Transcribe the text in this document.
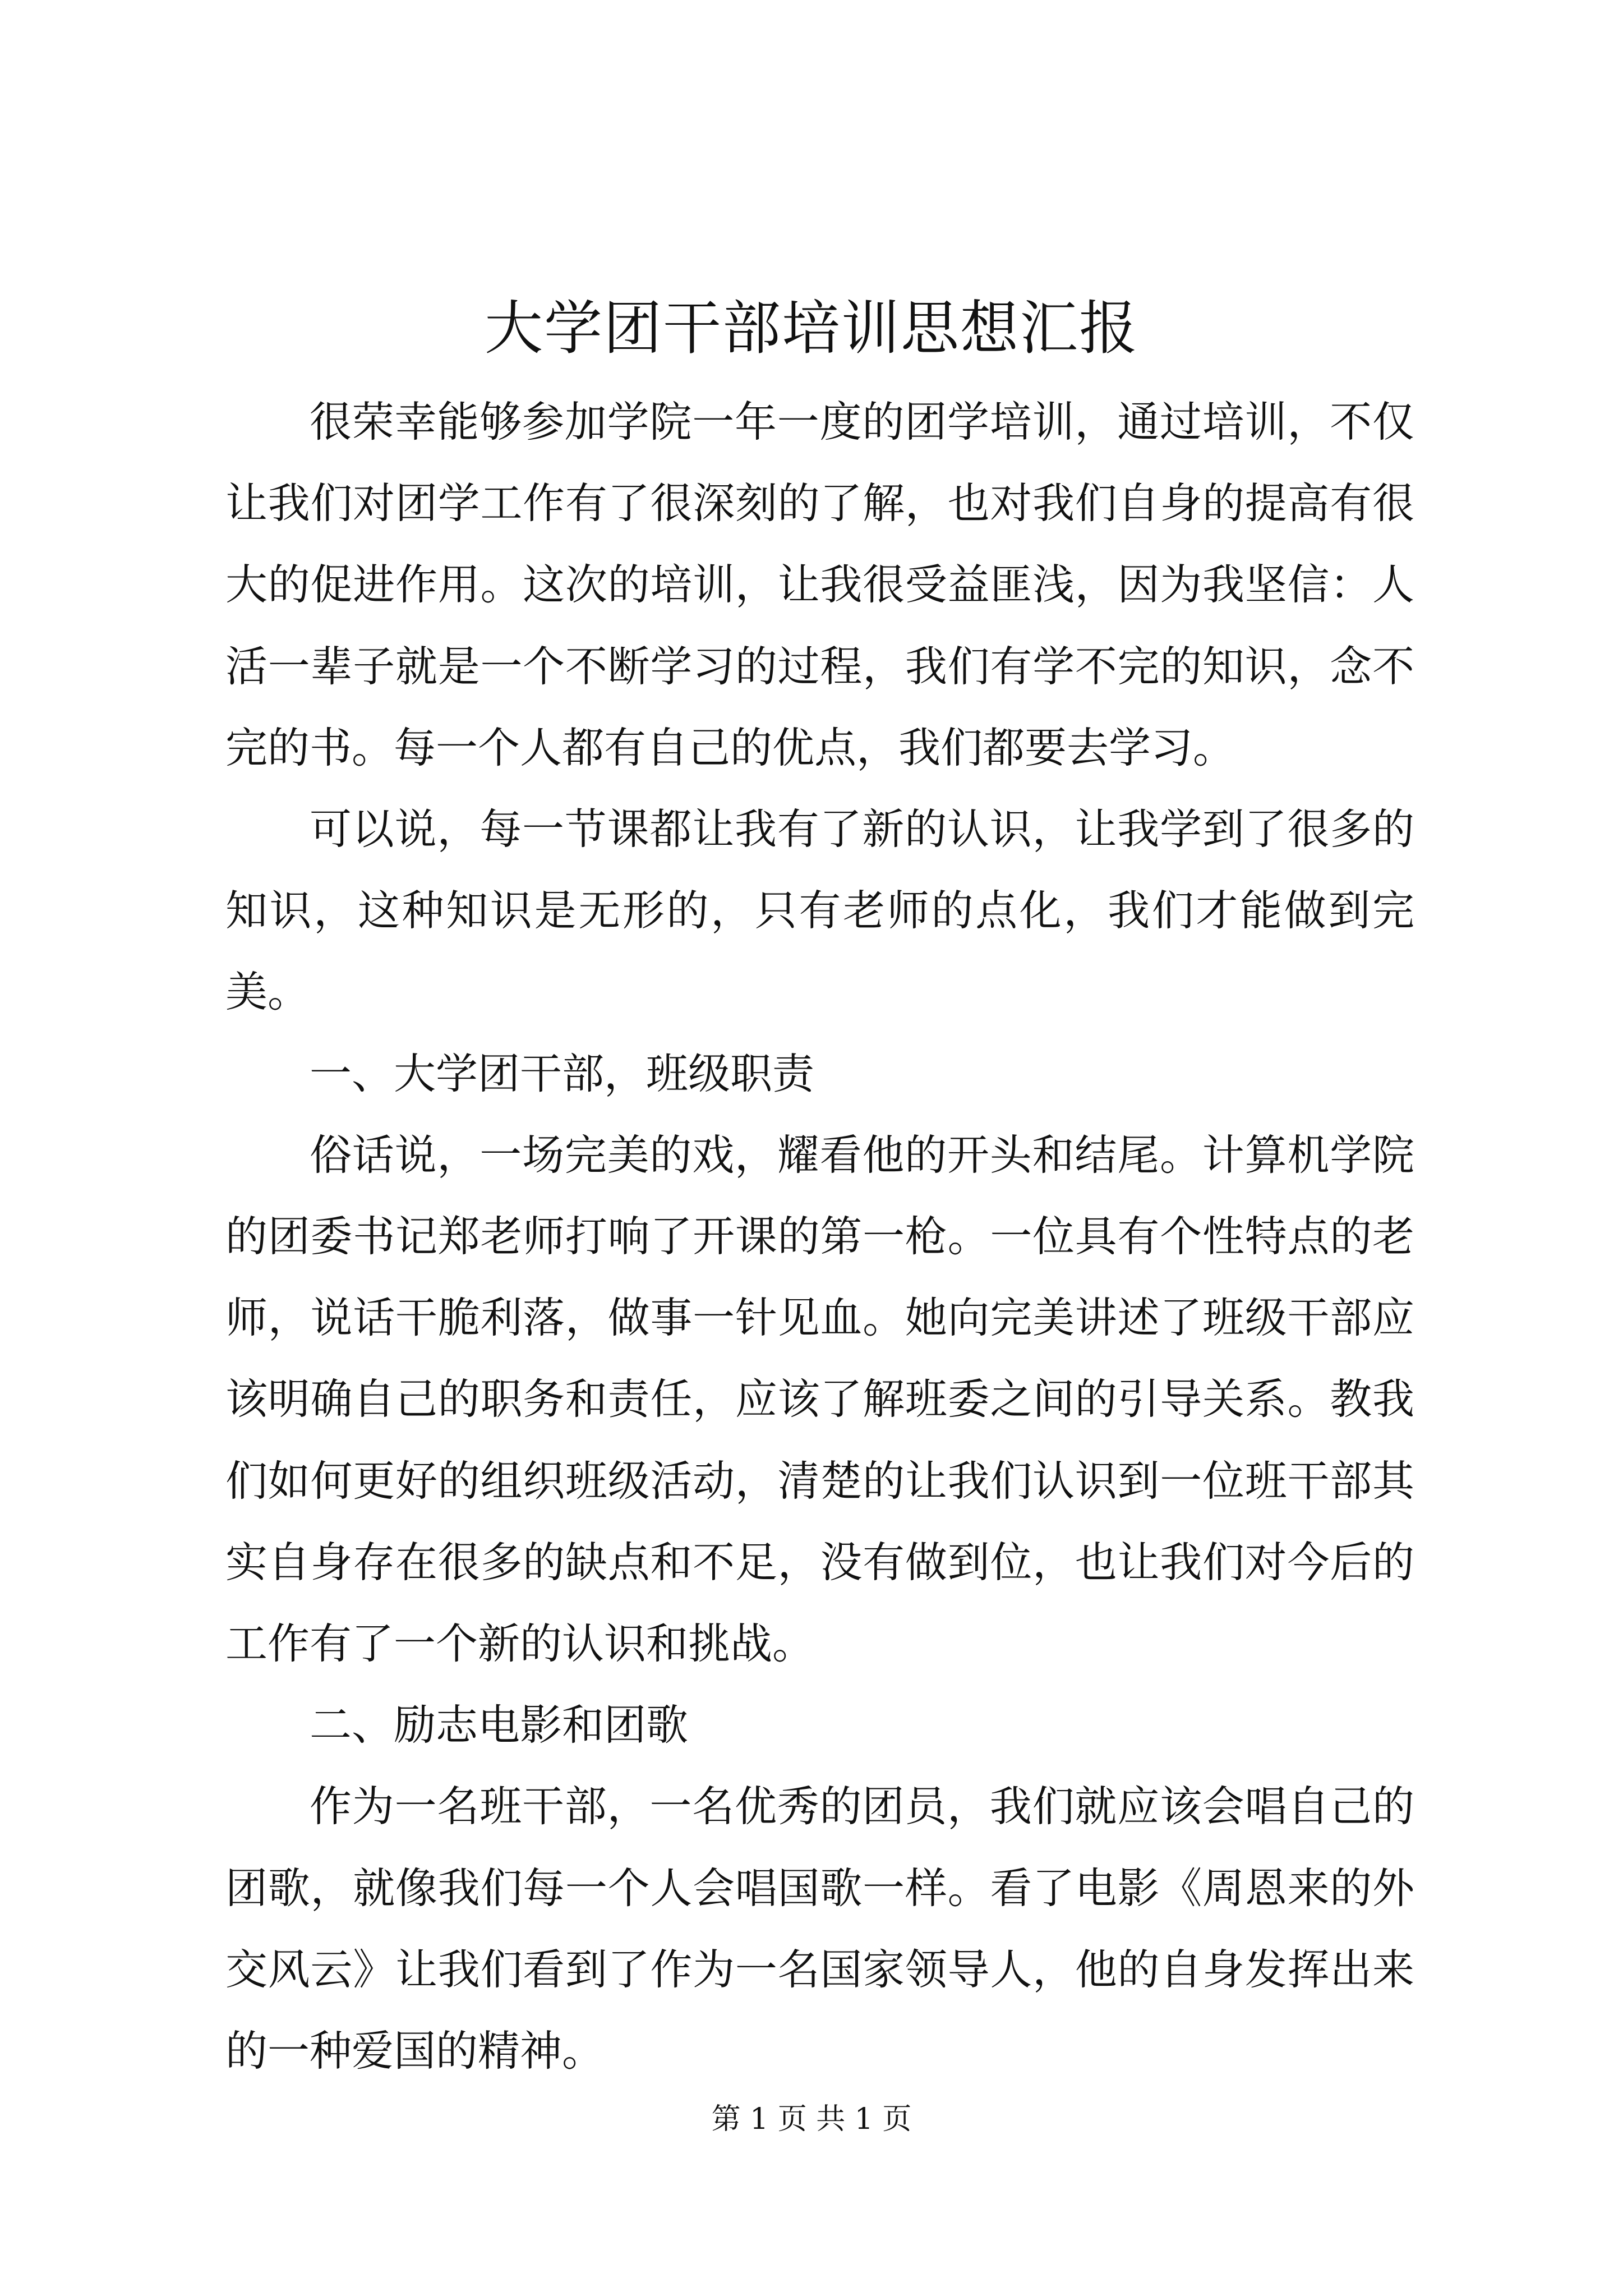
大学团干部培训思想汇报

很荣幸能够参加学院一年一度的团学培训，通过培训，不仅让我们对团学工作有了很深刻的了解，也对我们自身的提高有很大的促进作用。这次的培训，让我很受益匪浅，因为我坚信：人活一辈子就是一个不断学习的过程，我们有学不完的知识，念不完的书。每一个人都有自己的优点，我们都要去学习。

可以说，每一节课都让我有了新的认识，让我学到了很多的知识，这种知识是无形的，只有老师的点化，我们才能做到完美。

一、大学团干部，班级职责

俗话说，一场完美的戏，耀看他的开头和结尾。计算机学院的团委书记郑老师打响了开课的第一枪。一位具有个性特点的老师，说话干脆利落，做事一针见血。她向完美讲述了班级干部应该明确自己的职务和责任，应该了解班委之间的引导关系。教我们如何更好的组织班级活动，清楚的让我们认识到一位班干部其实自身存在很多的缺点和不足，没有做到位，也让我们对今后的工作有了一个新的认识和挑战。

二、励志电影和团歌

作为一名班干部，一名优秀的团员，我们就应该会唱自己的团歌，就像我们每一个人会唱国歌一样。看了电影《周恩来的外交风云》让我们看到了作为一名国家领导人，他的自身发挥出来的一种爱国的精神。

第 1 页 共 1 页
